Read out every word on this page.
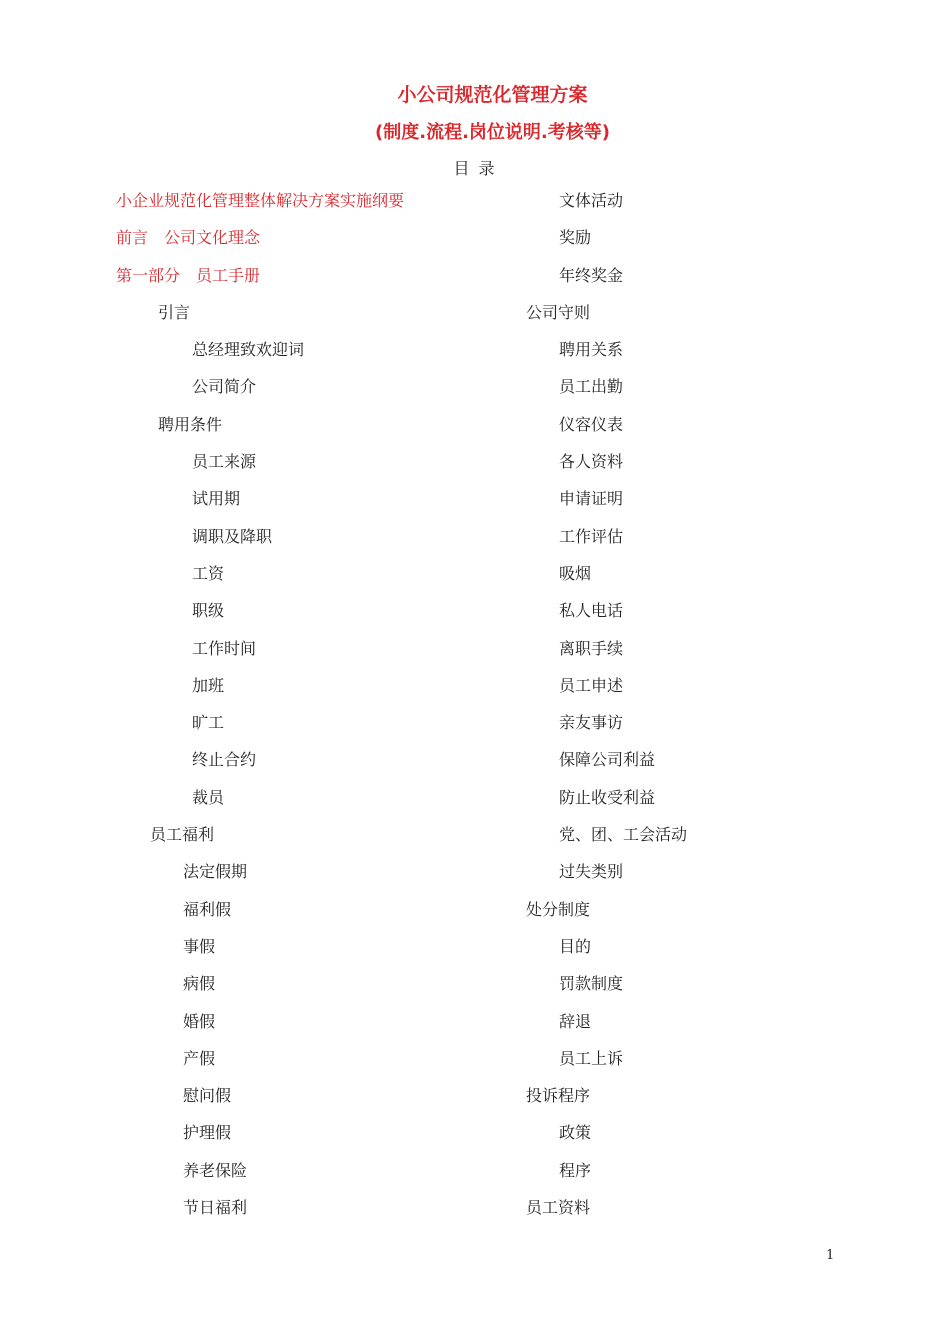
小公司规范化管理方案
(制度.流程.岗位说明.考核等)
目 录
小企业规范化管理整体解决方案实施纲要
前言　公司文化理念
第一部分　员工手册
引言
总经理致欢迎词
公司简介
聘用条件
员工来源
试用期
调职及降职
工资
职级
工作时间
加班
旷工
终止合约
裁员
员工福利
法定假期
福利假
事假
病假
婚假
产假
慰问假
护理假
养老保险
节日福利
文体活动
奖励
年终奖金
公司守则
聘用关系
员工出勤
仪容仪表
各人资料
申请证明
工作评估
吸烟
私人电话
离职手续
员工申述
亲友事访
保障公司利益
防止收受利益
党、团、工会活动
过失类别
处分制度
目的
罚款制度
辞退
员工上诉
投诉程序
政策
程序
员工资料
1
